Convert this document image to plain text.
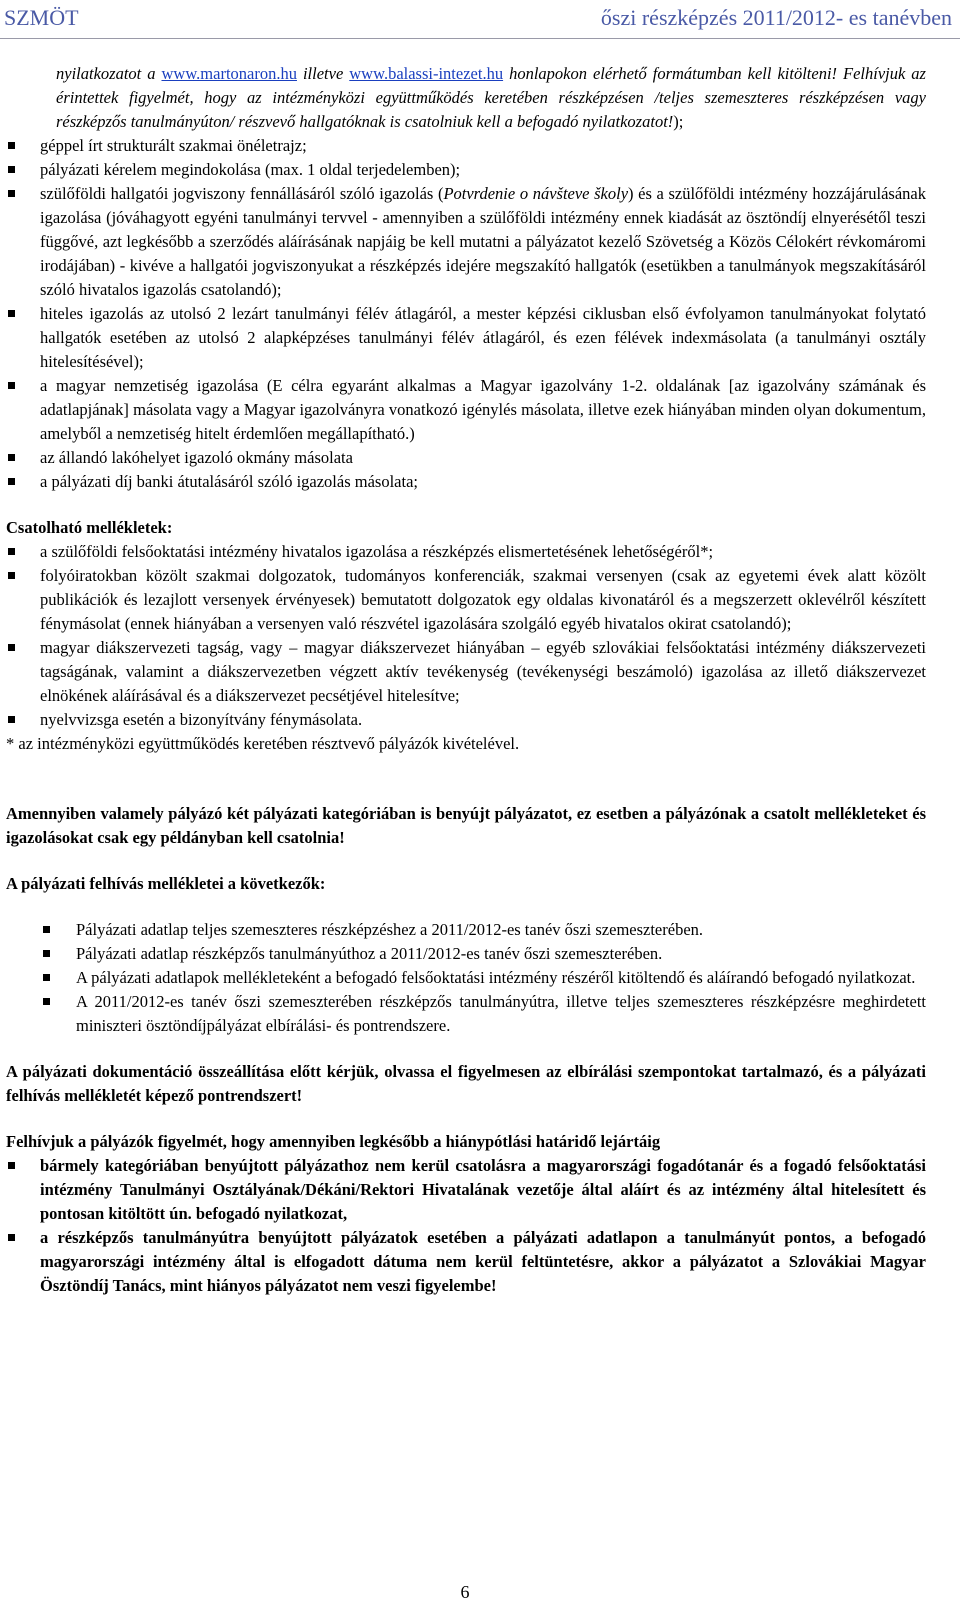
SZMÖT	őszi részképzés 2011/2012- es tanévben

nyilatkozatot a www.martonaron.hu illetve www.balassi-intezet.hu honlapokon elérhető formátumban kell kitölteni! Felhívjuk az érintettek figyelmét, hogy az intézményközi együttműködés keretében részképzésen /teljes szemeszteres részképzésen vagy részképzős tanulmányúton/ részvevő hallgatóknak is csatolniuk kell a befogadó nyilatkozatot!);

géppel írt strukturált szakmai önéletrajz;
pályázati kérelem megindokolása (max. 1 oldal terjedelemben);
szülőföldi hallgatói jogviszony fennállásáról szóló igazolás (Potvrdenie o návšteve školy) és a szülőföldi intézmény hozzájárulásának igazolása (jóváhagyott egyéni tanulmányi tervvel - amennyiben a szülőföldi intézmény ennek kiadását az ösztöndíj elnyerésétől teszi függővé, azt legkésőbb a szerződés aláírásának napjáig be kell mutatni a pályázatot kezelő Szövetség a Közös Célokért révkomáromi irodájában) - kivéve a hallgatói jogviszonyukat a részképzés idejére megszakító hallgatók (esetükben a tanulmányok megszakításáról szóló hivatalos igazolás csatolandó);
hiteles igazolás az utolsó 2 lezárt tanulmányi félév átlagáról, a mester képzési ciklusban első évfolyamon tanulmányokat folytató hallgatók esetében az utolsó 2 alapképzéses tanulmányi félév átlagáról, és ezen félévek indexmásolata (a tanulmányi osztály hitelesítésével);
a magyar nemzetiség igazolása (E célra egyaránt alkalmas a Magyar igazolvány 1-2. oldalának [az igazolvány számának és adatlapjának] másolata vagy a Magyar igazolványra vonatkozó igénylés másolata, illetve ezek hiányában minden olyan dokumentum, amelyből a nemzetiség hitelt érdemlően megállapítható.)
az állandó lakóhelyet igazoló okmány másolata
a pályázati díj banki átutalásáról szóló igazolás másolata;

Csatolható mellékletek:

a szülőföldi felsőoktatási intézmény hivatalos igazolása a részképzés elismertetésének lehetőségéről*;
folyóiratokban közölt szakmai dolgozatok, tudományos konferenciák, szakmai versenyen (csak az egyetemi évek alatt közölt publikációk és lezajlott versenyek érvényesek) bemutatott dolgozatok egy oldalas kivonatáról és a megszerzett oklevélről készített fénymásolat (ennek hiányában a versenyen való részvétel igazolására szolgáló egyéb hivatalos okirat csatolandó);
magyar diákszervezeti tagság, vagy – magyar diákszervezet hiányában – egyéb szlovákiai felsőoktatási intézmény diákszervezeti tagságának, valamint a diákszervezetben végzett aktív tevékenység (tevékenységi beszámoló) igazolása az illető diákszervezet elnökének aláírásával és a diákszervezet pecsétjével hitelesítve;
nyelvvizsga esetén a bizonyítvány fénymásolata.

* az intézményközi együttműködés keretében résztvevő pályázók kivételével.

Amennyiben valamely pályázó két pályázati kategóriában is benyújt pályázatot, ez esetben a pályázónak a csatolt mellékleteket és igazolásokat csak egy példányban kell csatolnia!

A pályázati felhívás mellékletei a következők:

Pályázati adatlap teljes szemeszteres részképzéshez a 2011/2012-es tanév őszi szemeszterében.
Pályázati adatlap részképzős tanulmányúthoz a 2011/2012-es tanév őszi szemeszterében.
A pályázati adatlapok mellékleteként a befogadó felsőoktatási intézmény részéről kitöltendő és aláírandó befogadó nyilatkozat.
A 2011/2012-es tanév őszi szemeszterében részképzős tanulmányútra, illetve teljes szemeszteres részképzésre meghirdetett miniszteri ösztöndíjpályázat elbírálási- és pontrendszere.

A pályázati dokumentáció összeállítása előtt kérjük, olvassa el figyelmesen az elbírálási szempontokat tartalmazó, és a pályázati felhívás mellékletét képező pontrendszert!

Felhívjuk a pályázók figyelmét, hogy amennyiben legkésőbb a hiánypótlási határidő lejártáig

bármely kategóriában benyújtott pályázathoz nem kerül csatolásra a magyarországi fogadótanár és a fogadó felsőoktatási intézmény Tanulmányi Osztályának/Dékáni/Rektori Hivatalának vezetője által aláírt és az intézmény által hitelesített és pontosan kitöltött ún. befogadó nyilatkozat,
a részképzős tanulmányútra benyújtott pályázatok esetében a pályázati adatlapon a tanulmányút pontos, a befogadó magyarországi intézmény által is elfogadott dátuma nem kerül feltüntetésre, akkor a pályázatot a Szlovákiai Magyar Ösztöndíj Tanács, mint hiányos pályázatot nem veszi figyelembe!
6
